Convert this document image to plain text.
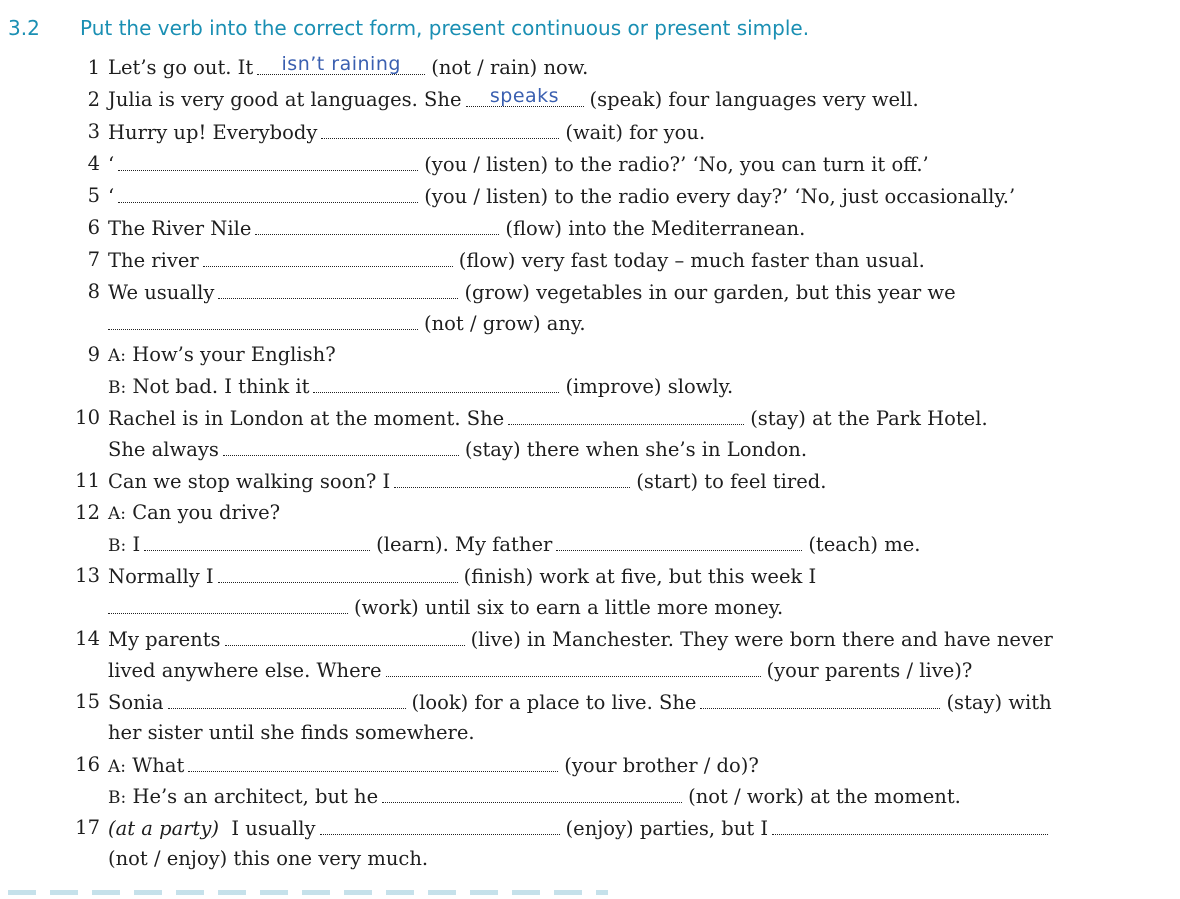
3.2	Put the verb into the correct form, present continuous or present simple.
1 Let’s go out. It	isn’t raining	(not / rain) now.
2 Julia is very good at languages. She	speaks	(speak) four languages very well.
3 Hurry up! Everybody	(wait) for you.
4 ‘	(you / listen) to the radio?’ ‘No, you can turn it off.’
5 ‘	(you / listen) to the radio every day?’ ‘No, just occasionally.’
6 The River Nile	(flow) into the Mediterranean.
7 The river	(flow) very fast today – much faster than usual.
8 We usually	(grow) vegetables in our garden, but this year we
(not / grow) any.
9 A:
How’s your English?
B:
Not bad. I think it	(improve) slowly.
10 Rachel is in London at the moment. She	(stay) at the Park Hotel.
She always	(stay) there when she’s in London.
11 Can we stop walking soon? I	(start) to feel tired.
12 A:
Can you drive?
B:
I	(learn). My father	(teach) me.
13 Normally I	(finish) work at five, but this week I
(work) until six to earn a little more money.
14 My parents	(live) in Manchester. They were born there and have never
lived anywhere else. Where	(your parents / live)?
15 Sonia	(look) for a place to live. She	(stay) with
her sister until she finds somewhere.
16 A:
What	(your brother / do)?
B:
He’s an architect, but he	(not / work) at the moment.
17 (at a party)
I usually	(enjoy) parties, but I
(not / enjoy) this one very much.
